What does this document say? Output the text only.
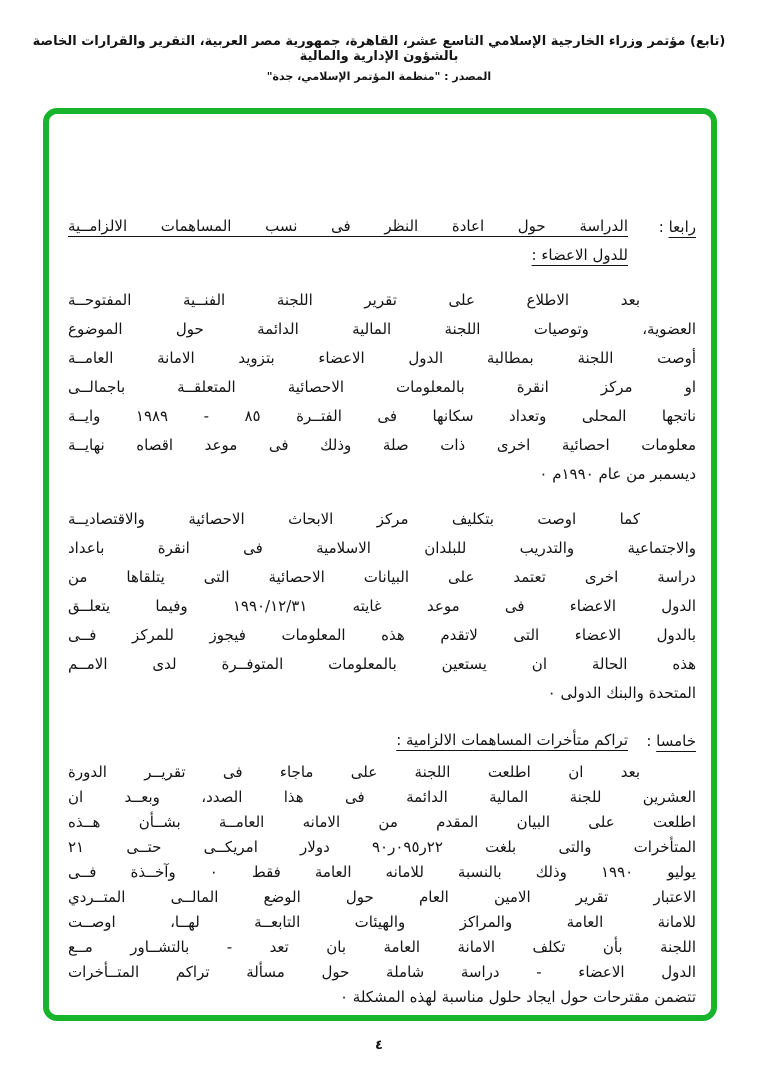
(تابع) مؤتمر وزراء الخارجية الإسلامي التاسع عشر، القاهرة، جمهورية مصر العربية، التقرير والقرارات الخاصة بالشؤون الإدارية والمالية
المصدر : "منظمة المؤتمر الإسلامي، جدة"
رابعا :
الدراسة حول اعادة النظر فى نسب المساهمات الالزامــية
للدول الاعضاء :
بعد الاطلاع على تقرير اللجنة الفنــية المفتوحــة
العضوية، وتوصيات اللجنة المالية الدائمة حول الموضوع
أوصت اللجنة بمطالبة الدول الاعضاء بتزويد الامانة العامــة
او مركز انقرة بالمعلومات الاحصائية المتعلقــة باجمالــى
ناتجها المحلى وتعداد سكانها فى الفتــرة ٨٥ - ١٩٨٩ وايــة
معلومات احصائية اخرى ذات صلة وذلك فى موعد اقصاه نهايــة
ديسمبر من عام ١٩٩٠م ٠
كما اوصت بتكليف مركز الابحاث الاحصائية والاقتصاديــة
والاجتماعية والتدريب للبلدان الاسلامية فى انقرة باعداد
دراسة اخرى تعتمد على البيانات الاحصائية التى يتلقاها من
الدول الاعضاء فى موعد غايته ١٩٩٠/١٢/٣١ وفيما يتعلــق
بالدول الاعضاء التى لاتقدم هذه المعلومات فيجوز للمركز فــى
هذه الحالة ان يستعين بالمعلومات المتوفــرة لدى الامــم
المتحدة والبنك الدولى ٠
خامسا :
تراكم متأخرات المساهمات الالزامية :
بعد ان اطلعت اللجنة على ماجاء فى تقريــر الدورة
العشرين للجنة المالية الدائمة فى هذا الصدد، وبعــد ان
اطلعت على البيان المقدم من الامانه العامــة بشــأن هــذه
المتأخرات والتى بلغت ٢٢ر٠٩٥ر٩٠ دولار امريكــى حتــى ٢١
يوليو ١٩٩٠ وذلك بالنسبة للامانه العامة فقط ٠ وآخــذة فــى
الاعتبار تقرير الامين العام حول الوضع المالــى المتــردي
للامانة العامة والمراكز والهيئات التابعــة لهــا، اوصــت
اللجنة بأن تكلف الامانة العامة بان تعد - بالتشــاور مــع
الدول الاعضاء - دراسة شاملة حول مسألة تراكم المتــأخرات
تتضمن مقترحات حول ايجاد حلول مناسبة لهذه المشكلة ٠
٤
